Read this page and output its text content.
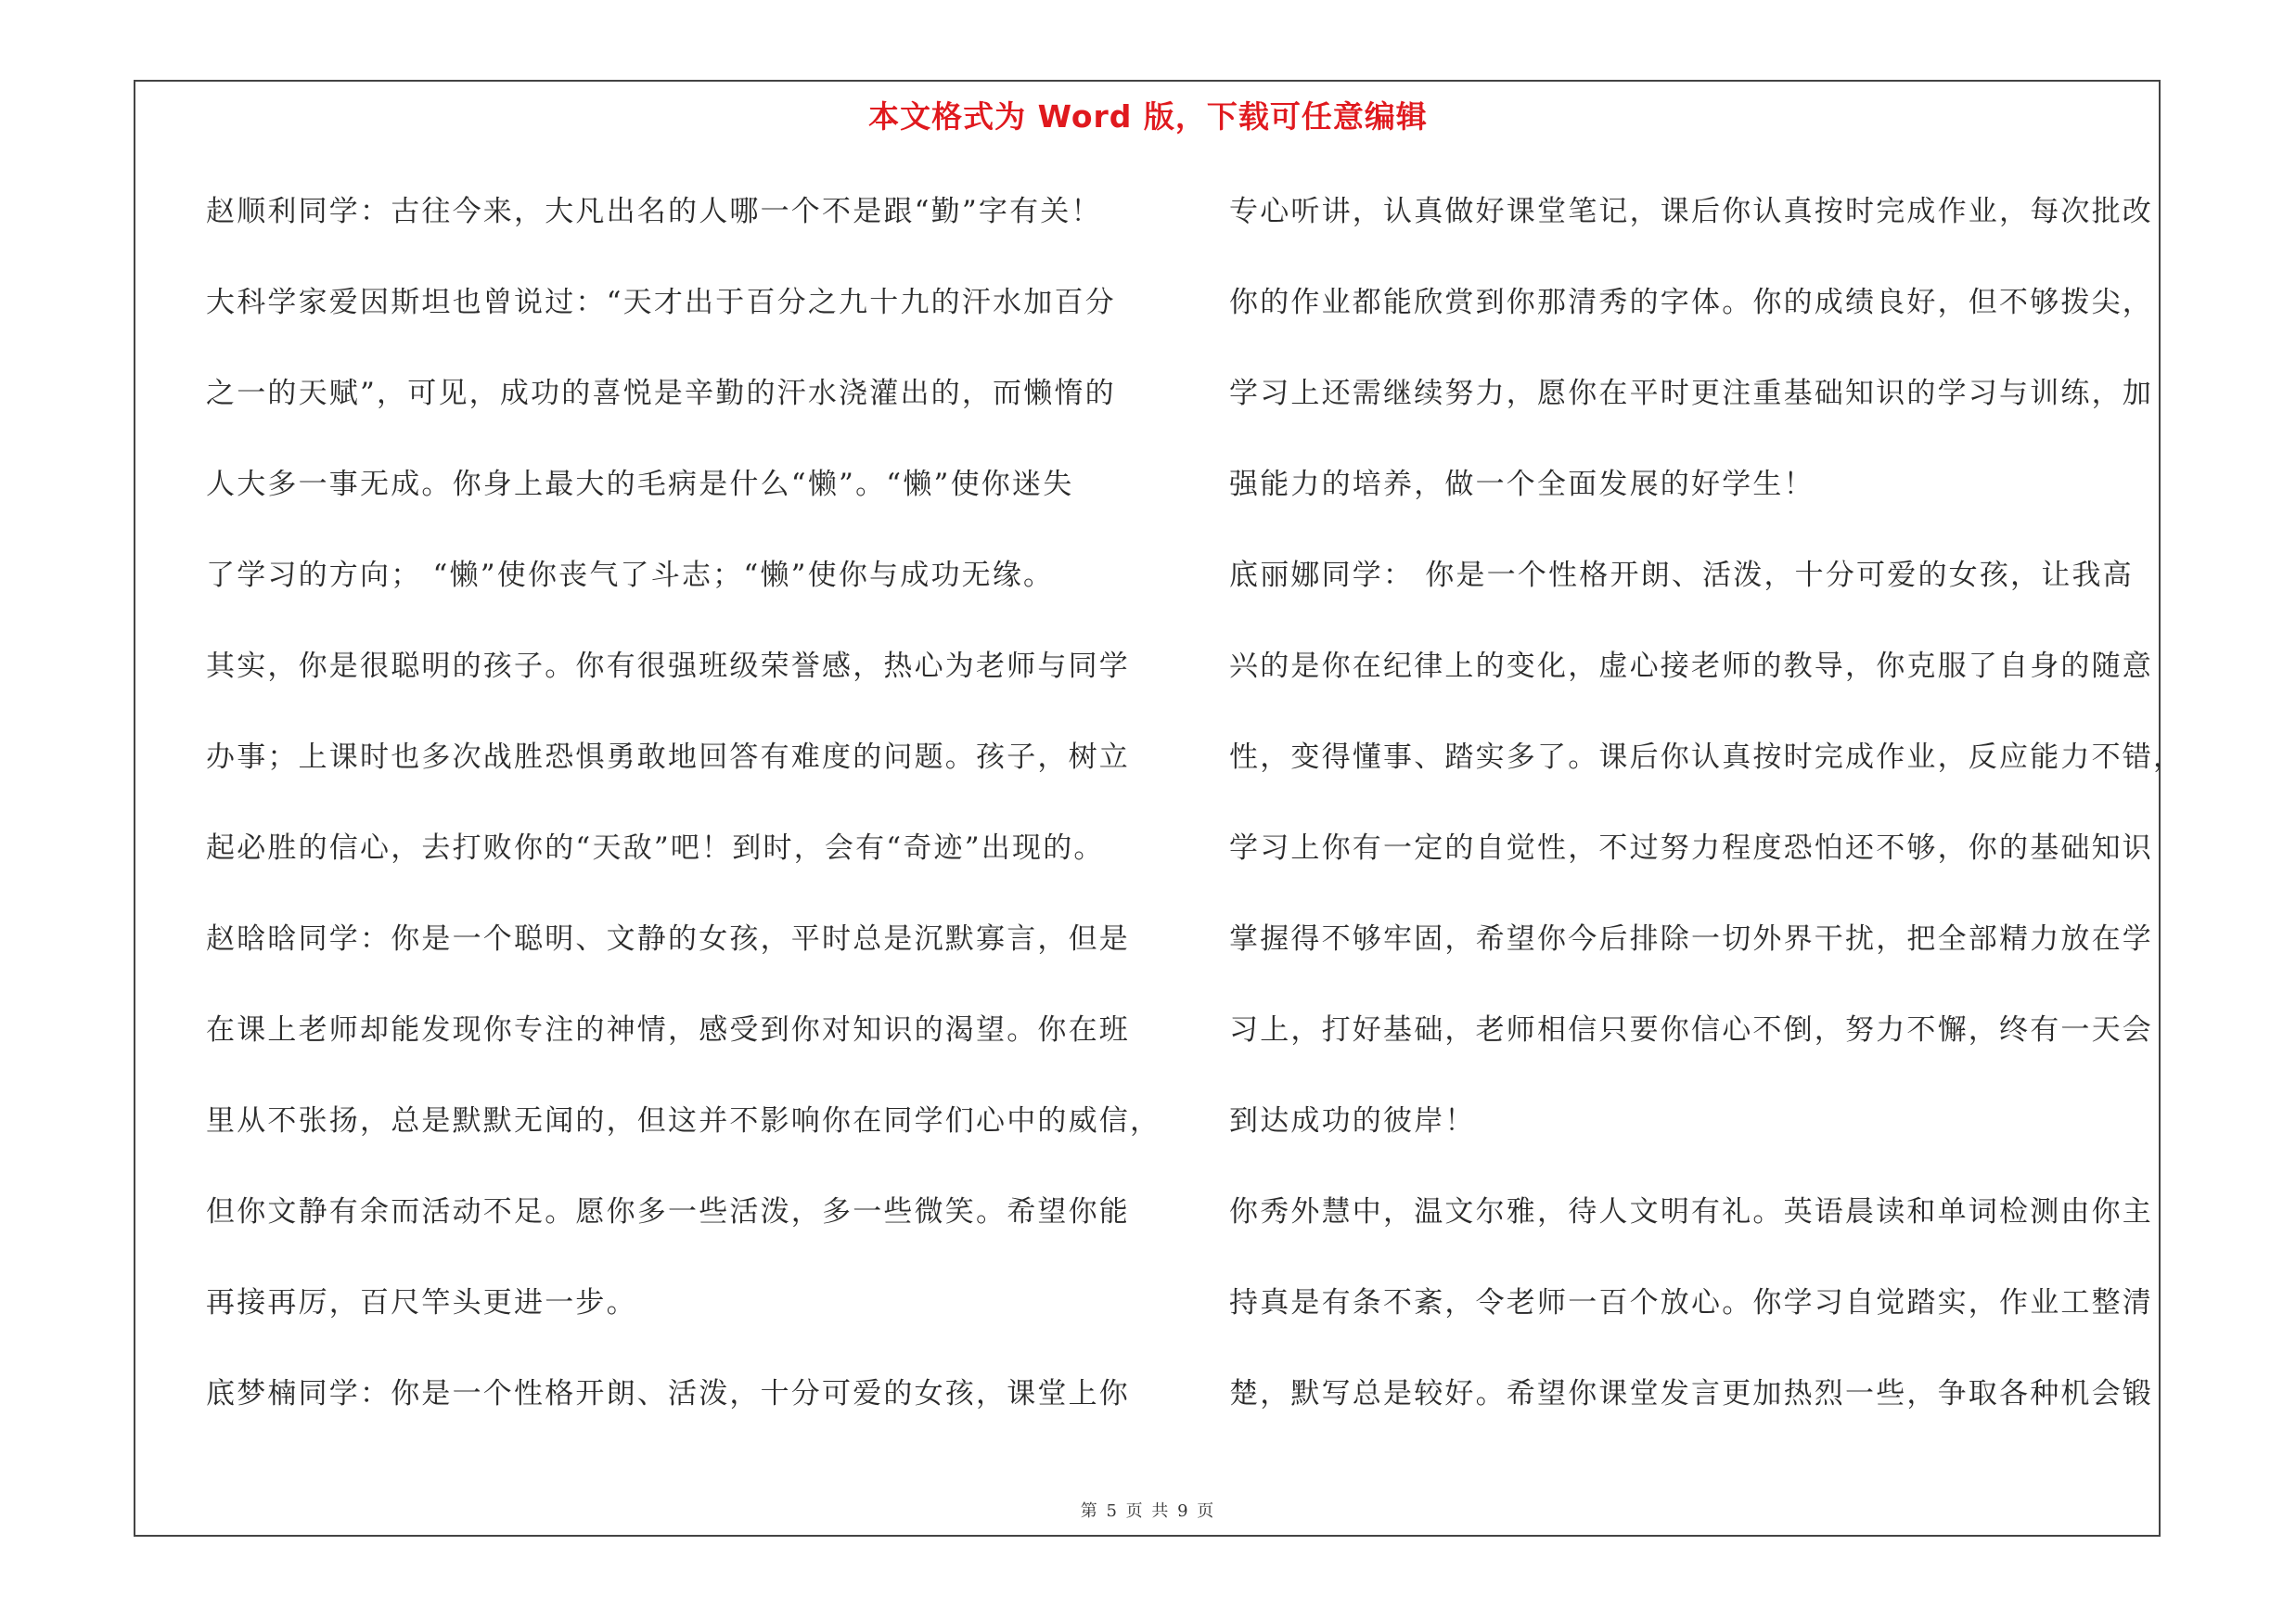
本文格式为 Word 版，下载可任意编辑
赵顺利同学：古往今来，大凡出名的人哪一个不是跟“勤”字有关！
大科学家爱因斯坦也曾说过：“天才出于百分之九十九的汗水加百分
之一的天赋”，可见，成功的喜悦是辛勤的汗水浇灌出的，而懒惰的
人大多一事无成。你身上最大的毛病是什么“懒”。“懒”使你迷失
了学习的方向； “懒”使你丧气了斗志；“懒”使你与成功无缘。
其实，你是很聪明的孩子。你有很强班级荣誉感，热心为老师与同学
办事；上课时也多次战胜恐惧勇敢地回答有难度的问题。孩子，树立
起必胜的信心，去打败你的“天敌”吧！到时，会有“奇迹”出现的。
赵晗晗同学：你是一个聪明、文静的女孩，平时总是沉默寡言，但是
在课上老师却能发现你专注的神情，感受到你对知识的渴望。你在班
里从不张扬，总是默默无闻的，但这并不影响你在同学们心中的威信，
但你文静有余而活动不足。愿你多一些活泼，多一些微笑。希望你能
再接再厉，百尺竿头更进一步。
底梦楠同学：你是一个性格开朗、活泼，十分可爱的女孩，课堂上你
专心听讲，认真做好课堂笔记，课后你认真按时完成作业，每次批改
你的作业都能欣赏到你那清秀的字体。你的成绩良好，但不够拨尖，
学习上还需继续努力，愿你在平时更注重基础知识的学习与训练，加
强能力的培养，做一个全面发展的好学生！
底丽娜同学： 你是一个性格开朗、活泼，十分可爱的女孩，让我高
兴的是你在纪律上的变化，虚心接老师的教导，你克服了自身的随意
性，变得懂事、踏实多了。课后你认真按时完成作业，反应能力不错，
学习上你有一定的自觉性，不过努力程度恐怕还不够，你的基础知识
掌握得不够牢固，希望你今后排除一切外界干扰，把全部精力放在学
习上，打好基础，老师相信只要你信心不倒，努力不懈，终有一天会
到达成功的彼岸！
你秀外慧中，温文尔雅，待人文明有礼。英语晨读和单词检测由你主
持真是有条不紊，令老师一百个放心。你学习自觉踏实，作业工整清
楚，默写总是较好。希望你课堂发言更加热烈一些，争取各种机会锻
第 5 页 共 9 页
